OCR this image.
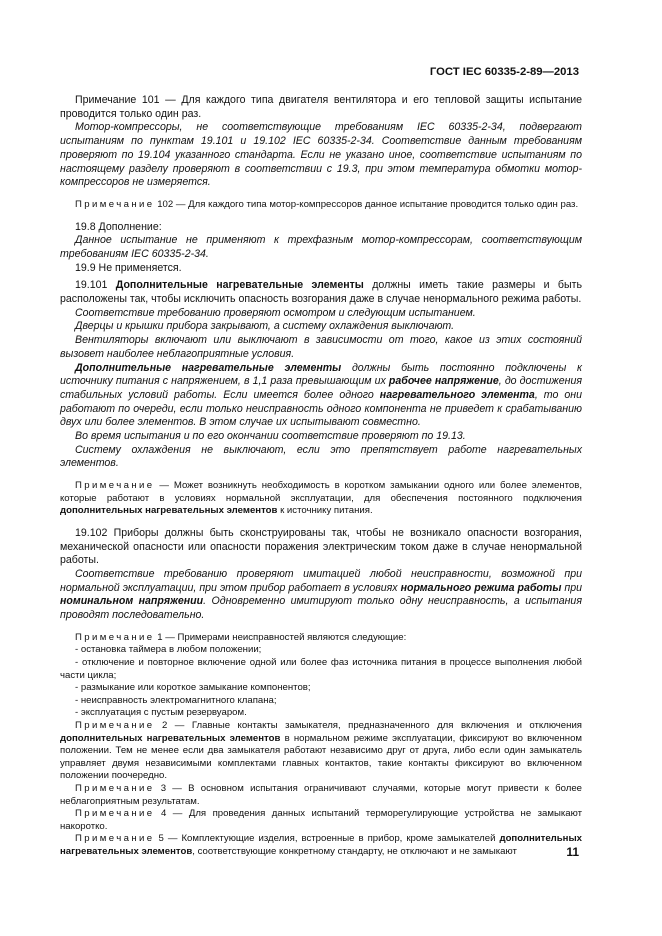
ГОСТ IEC 60335-2-89—2013

Примечание 101 — Для каждого типа двигателя вентилятора и его тепловой защиты испытание проводится только один раз.

Мотор-компрессоры, не соответствующие требованиям IEC 60335-2-34, подвергают испытаниям по пунктам 19.101 и 19.102 IEC 60335-2-34. Соответствие данным требованиям проверяют по 19.104 указанного стандарта. Если не указано иное, соответствие испытаниям по настоящему разделу проверяют в соответствии с 19.3, при этом температура обмотки мотор-компрессоров не измеряется.

Примечание 102 — Для каждого типа мотор-компрессоров данное испытание проводится только один раз.

19.8 Дополнение:

Данное испытание не применяют к трехфазным мотор-компрессорам, соответствующим требованиям IEC 60335-2-34.

19.9 Не применяется.

19.101 Дополнительные нагревательные элементы должны иметь такие размеры и быть расположены так, чтобы исключить опасность возгорания даже в случае ненормального режима работы.

Соответствие требованию проверяют осмотром и следующим испытанием.

Дверцы и крышки прибора закрывают, а систему охлаждения выключают.

Вентиляторы включают или выключают в зависимости от того, какое из этих состояний вызовет наиболее неблагоприятные условия.

Дополнительные нагревательные элементы должны быть постоянно подключены к источнику питания с напряжением, в 1,1 раза превышающим их рабочее напряжение, до достижения стабильных условий работы. Если имеется более одного нагревательного элемента, то они работают по очереди, если только неисправность одного компонента не приведет к срабатыванию двух или более элементов. В этом случае их испытывают совместно.

Во время испытания и по его окончании соответствие проверяют по 19.13.

Систему охлаждения не выключают, если это препятствует работе нагревательных элементов.

Примечание — Может возникнуть необходимость в коротком замыкании одного или более элементов, которые работают в условиях нормальной эксплуатации, для обеспечения постоянного подключения дополнительных нагревательных элементов к источнику питания.

19.102 Приборы должны быть сконструированы так, чтобы не возникало опасности возгорания, механической опасности или опасности поражения электрическим током даже в случае ненормальной работы.

Соответствие требованию проверяют имитацией любой неисправности, возможной при нормальной эксплуатации, при этом прибор работает в условиях нормального режима работы при номинальном напряжении. Одновременно имитируют только одну неисправность, а испытания проводят последовательно.

Примечание 1 — Примерами неисправностей являются следующие:

- остановка таймера в любом положении;

- отключение и повторное включение одной или более фаз источника питания в процессе выполнения любой части цикла;

- размыкание или короткое замыкание компонентов;

- неисправность электромагнитного клапана;

- эксплуатация с пустым резервуаром.

Примечание 2 — Главные контакты замыкателя, предназначенного для включения и отключения дополнительных нагревательных элементов в нормальном режиме эксплуатации, фиксируют во включенном положении. Тем не менее если два замыкателя работают независимо друг от друга, либо если один замыкатель управляет двумя независимыми комплектами главных контактов, такие контакты фиксируют во включенном положении поочередно.

Примечание 3 — В основном испытания ограничивают случаями, которые могут привести к более неблагоприятным результатам.

Примечание 4 — Для проведения данных испытаний терморегулирующие устройства не замыкают накоротко.

Примечание 5 — Комплектующие изделия, встроенные в прибор, кроме замыкателей дополнительных нагревательных элементов, соответствующие конкретному стандарту, не отключают и не замыкают	11
